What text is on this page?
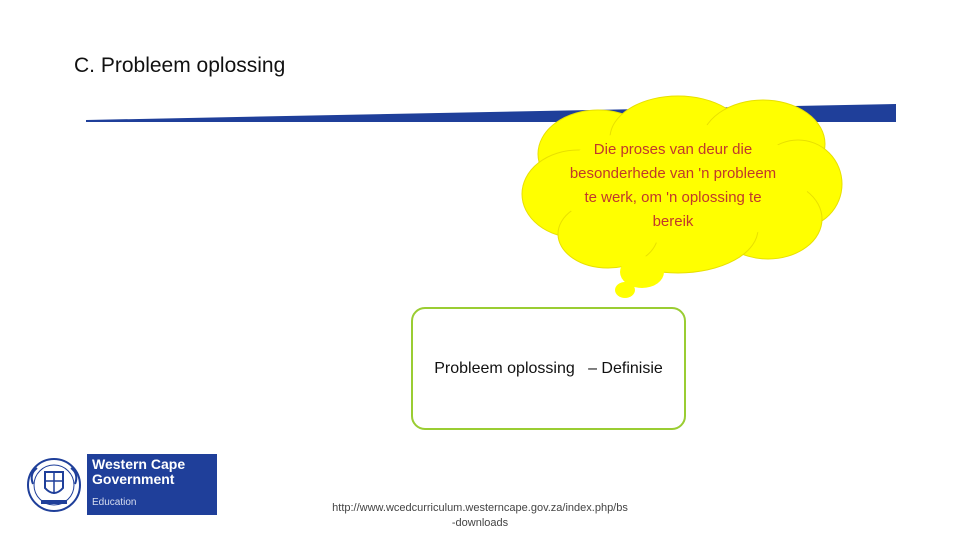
C. Probleem oplossing
Die proses van deur die besonderhede van 'n probleem te werk, om 'n oplossing te bereik
Probleem oplossing   – Definisie
Western Cape
Government
Education	http://www.wcedcurriculum.westerncape.gov.za/index.php/bs
-downloads
